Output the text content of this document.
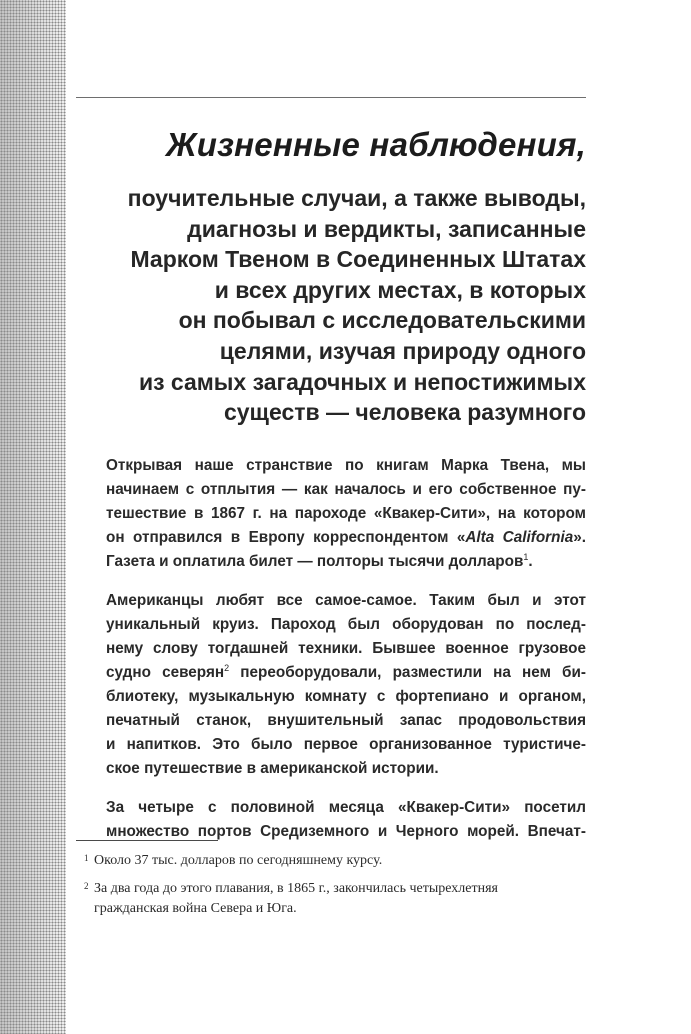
Жизненные наблюдения,
поучительные случаи, а также выводы,
диагнозы и вердикты, записанные
Марком Твеном в Соединенных Штатах
и всех других местах, в которых
он побывал с исследовательскими
целями, изучая природу одного
из самых загадочных и непостижимых
существ — человека разумного
Открывая наше странствие по книгам Марка Твена, мы
начинаем с отплытия — как началось и его собственное пу-
тешествие в 1867 г. на пароходе «Квакер-Сити», на котором
он отправился в Европу корреспондентом «Alta California».
Газета и оплатила билет — полторы тысячи долларов$^1$.
Американцы любят все самое-самое. Таким был и этот
уникальный круиз. Пароход был оборудован по послед-
нему слову тогдашней техники. Бывшее военное грузовое
судно северян$^2$ переоборудовали, разместили на нем би-
блиотеку, музыкальную комнату с фортепиано и органом,
печатный станок, внушительный запас продовольствия
и напитков. Это было первое организованное туристиче-
ское путешествие в американской истории.
За четыре с половиной месяца «Квакер-Сити» посетил
множество портов Средиземного и Черного морей. Впечат-
1 Около 37 тыс. долларов по сегодняшнему курсу.
2 За два года до этого плавания, в 1865 г., закончилась четырехлетняя
гражданская война Севера и Юга.
